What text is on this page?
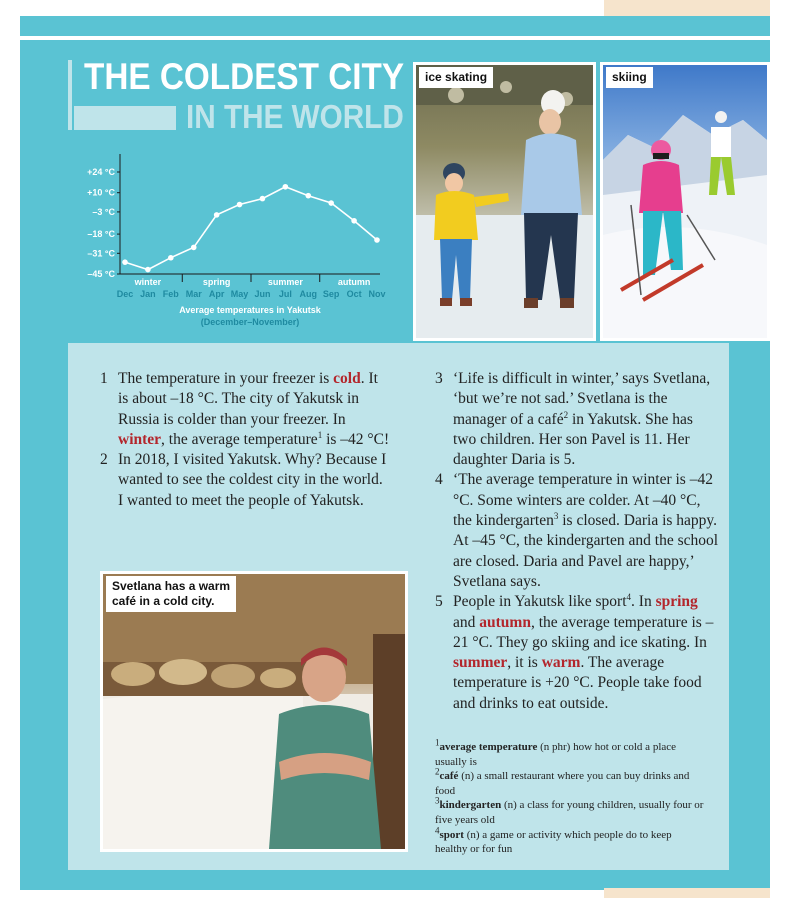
THE COLDEST CITY
IN THE WORLD
+24 °C
+10 °C
–3 °C
–18 °C
–31 °C
–45 °C
winter	spring	summer	autumn
Dec Jan Feb Mar Apr May Jun Jul Aug Sep Oct Nov
Average temperatures in Yakutsk
(December–November)
ice skating	skiing
Svetlana has a warm
café in a cold city.
1 The temperature in your freezer is cold. It is about –18 °C. The city of Yakutsk in Russia is colder than your freezer. In winter, the average temperature$^1$ is –42 °C!
2 In 2018, I visited Yakutsk. Why? Because I wanted to see the coldest city in the world. I wanted to meet the people of Yakutsk.
3 ‘Life is difficult in winter,’ says Svetlana, ‘but we’re not sad.’ Svetlana is the manager of a café$^2$ in Yakutsk. She has two children. Her son Pavel is 11. Her daughter Daria is 5.
4 ‘The average temperature in winter is –42 °C. Some winters are colder. At –40 °C, the kindergarten$^3$ is closed. Daria is happy. At –45 °C, the kindergarten and the school are closed. Daria and Pavel are happy,’ Svetlana says.
5 People in Yakutsk like sport$^4$. In spring and autumn, the average temperature is –21 °C. They go skiing and ice skating. In summer, it is warm. The average temperature is +20 °C. People take food and drinks to eat outside.
$^1$average temperature (n phr) how hot or cold a place usually is
$^2$café (n) a small restaurant where you can buy drinks and food
$^3$kindergarten (n) a class for young children, usually four or five years old
$^4$sport (n) a game or activity which people do to keep healthy or for fun
